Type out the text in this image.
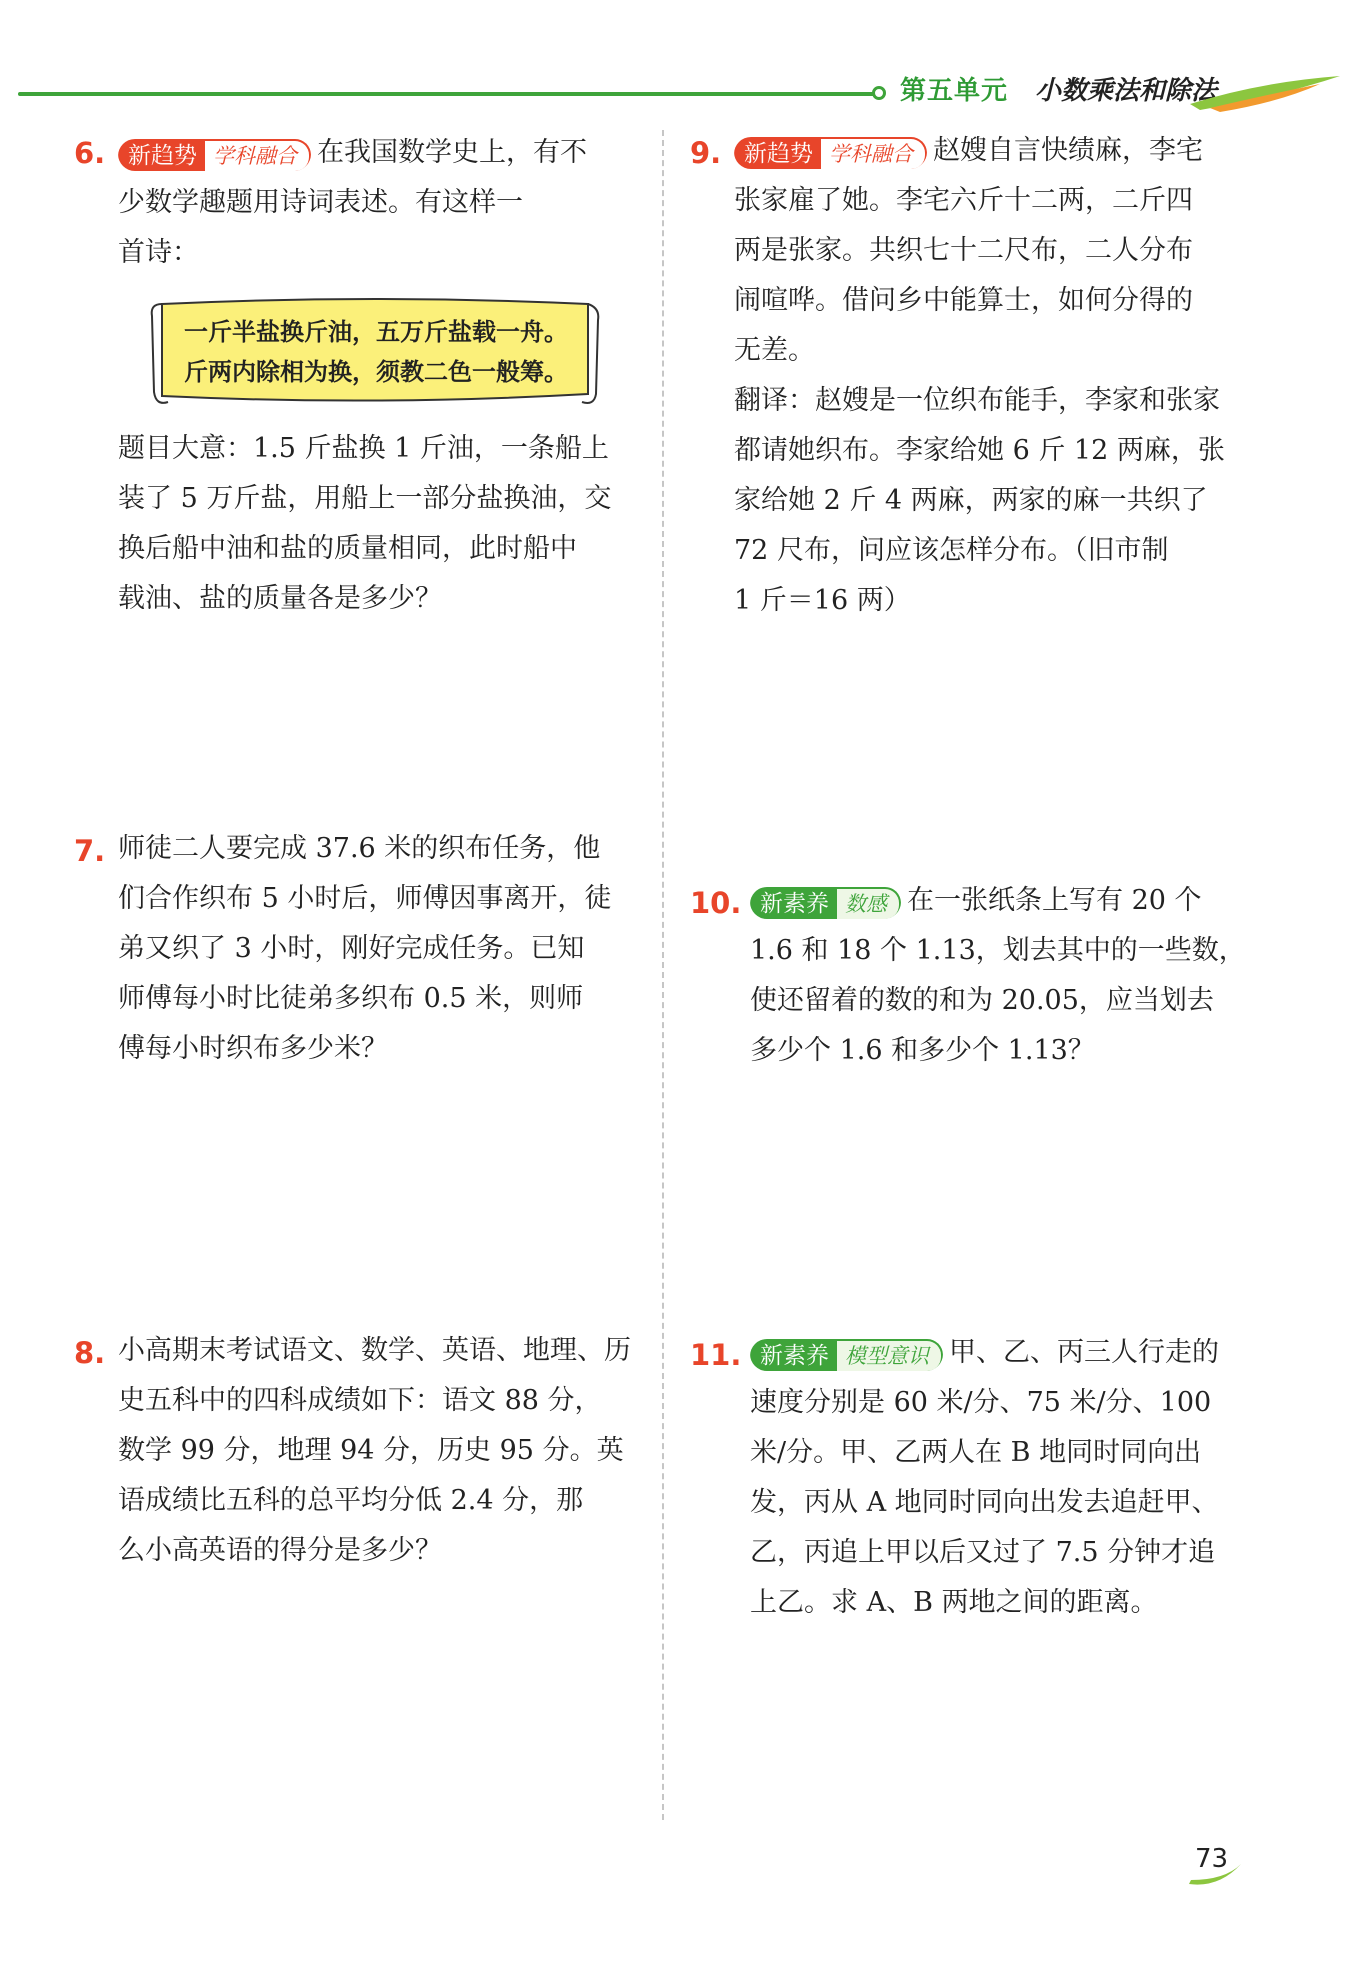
第五单元 小数乘法和除法
6. 新趋势 学科融合 在我国数学史上，有不
少数学趣题用诗词表述。有这样一
首诗：
一斤半盐换斤油，五万斤盐载一舟。
斤两内除相为换，须教二色一般筹。
题目大意：1.5 斤盐换 1 斤油，一条船上
装了 5 万斤盐，用船上一部分盐换油，交
换后船中油和盐的质量相同，此时船中
载油、盐的质量各是多少？
7. 师徒二人要完成 37.6 米的织布任务，他
们合作织布 5 小时后，师傅因事离开，徒
弟又织了 3 小时，刚好完成任务。已知
师傅每小时比徒弟多织布 0.5 米，则师
傅每小时织布多少米？
8. 小高期末考试语文、数学、英语、地理、历
史五科中的四科成绩如下：语文 88 分，
数学 99 分，地理 94 分，历史 95 分。英
语成绩比五科的总平均分低 2.4 分，那
么小高英语的得分是多少？
9. 新趋势 学科融合 赵嫂自言快绩麻，李宅
张家雇了她。李宅六斤十二两，二斤四
两是张家。共织七十二尺布，二人分布
闹喧哗。借问乡中能算士，如何分得的
无差。
翻译：赵嫂是一位织布能手，李家和张家
都请她织布。李家给她 6 斤 12 两麻，张
家给她 2 斤 4 两麻，两家的麻一共织了
72 尺布，问应该怎样分布。（旧市制
1 斤＝16 两）
10. 新素养 数感 在一张纸条上写有 20 个
1.6 和 18 个 1.13，划去其中的一些数，
使还留着的数的和为 20.05，应当划去
多少个 1.6 和多少个 1.13？
11. 新素养 模型意识 甲、乙、丙三人行走的
速度分别是 60 米/分、75 米/分、100
米/分。甲、乙两人在 B 地同时同向出
发，丙从 A 地同时同向出发去追赶甲、
乙，丙追上甲以后又过了 7.5 分钟才追
上乙。求 A、B 两地之间的距离。
73
